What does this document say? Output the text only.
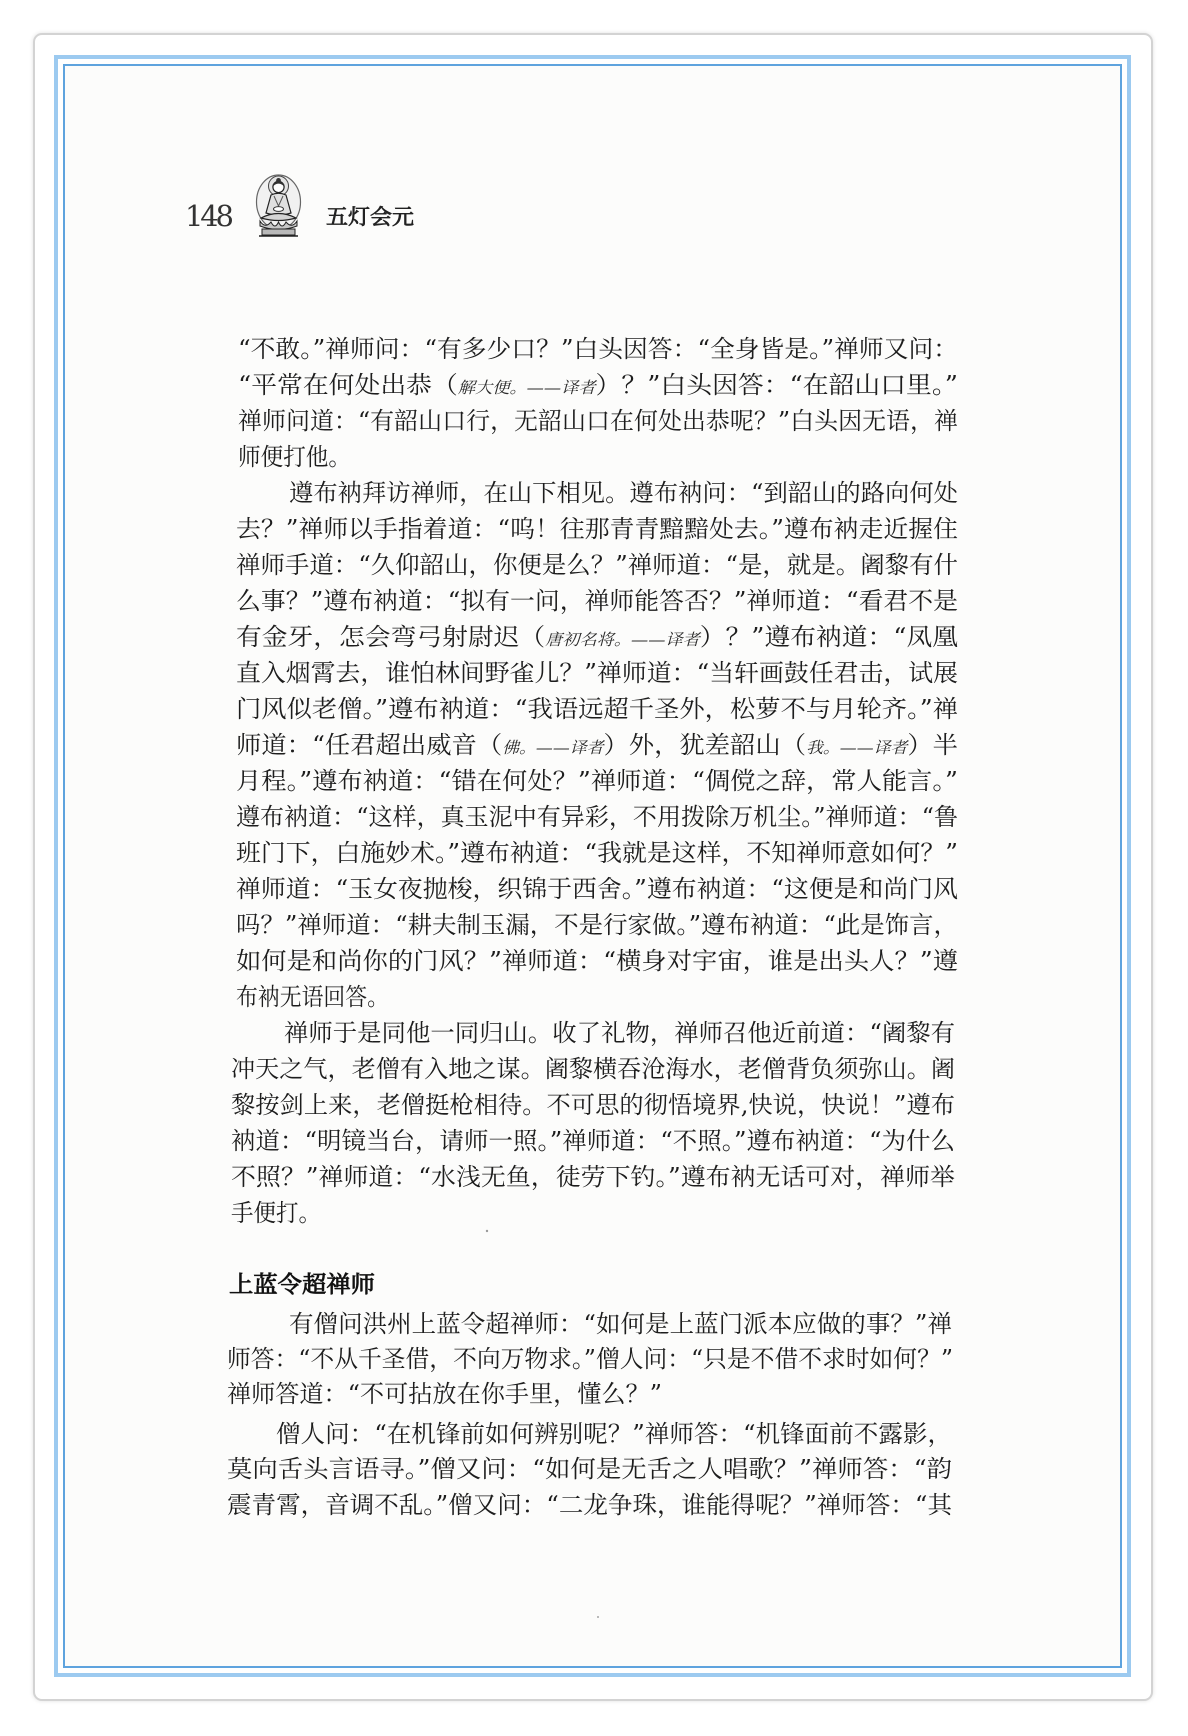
148	五灯会元
“不敢。”禅师问：“有多少口？”白头因答：“全身皆是。”禅师又问：
“平常在何处出恭（ 解大便。——译者 ）？”白头因答：“在韶山口里。”
禅师问道：“有韶山口行，无韶山口在何处出恭呢？”白头因无语，禅
师便打他。
遵布衲拜访禅师，在山下相见。遵布衲问：“到韶山的路向何处
去？”禅师以手指着道：“呜！往那青青黯黯处去。”遵布衲走近握住
禅师手道：“久仰韶山，你便是么？”禅师道：“是，就是。阇黎有什
么事？”遵布衲道：“拟有一问，禅师能答否？”禅师道：“看君不是
有金牙，怎会弯弓射尉迟（ 唐初名将。——译者 ）？”遵布衲道：“凤凰
直入烟霄去，谁怕林间野雀儿？”禅师道：“当轩画鼓任君击，试展
门风似老僧。”遵布衲道：“我语远超千圣外，松萝不与月轮齐。”禅
师道：“任君超出威音（ 佛。——译者 ）外，犹差韶山（ 我。——译者 ）半
月程。”遵布衲道：“错在何处？”禅师道：“倜傥之辞，常人能言。”
遵布衲道：“这样，真玉泥中有异彩，不用拨除万机尘。”禅师道：“鲁
班门下，白施妙术。”遵布衲道：“我就是这样，不知禅师意如何？”
禅师道：“玉女夜抛梭，织锦于西舍。”遵布衲道：“这便是和尚门风
吗？”禅师道：“耕夫制玉漏，不是行家做。”遵布衲道：“此是饰言，
如何是和尚你的门风？”禅师道：“横身对宇宙，谁是出头人？”遵
布衲无语回答。
禅师于是同他一同归山。收了礼物，禅师召他近前道：“阇黎有
冲天之气，老僧有入地之谋。阇黎横吞沧海水，老僧背负须弥山。阇
黎按剑上来，老僧挺枪相待。不可思的彻悟境界,快说，快说！”遵布
衲道：“明镜当台，请师一照。”禅师道：“不照。”遵布衲道：“为什么
不照？”禅师道：“水浅无鱼，徒劳下钓。”遵布衲无话可对，禅师举
手便打。
上蓝令超禅师
有僧问洪州上蓝令超禅师：“如何是上蓝门派本应做的事？”禅
师答：“不从千圣借，不向万物求。”僧人问：“只是不借不求时如何？”
禅师答道：“不可拈放在你手里，懂么？”
僧人问：“在机锋前如何辨别呢？”禅师答：“机锋面前不露影，
莫向舌头言语寻。”僧又问：“如何是无舌之人唱歌？”禅师答：“韵
震青霄，音调不乱。”僧又问：“二龙争珠，谁能得呢？”禅师答：“其
